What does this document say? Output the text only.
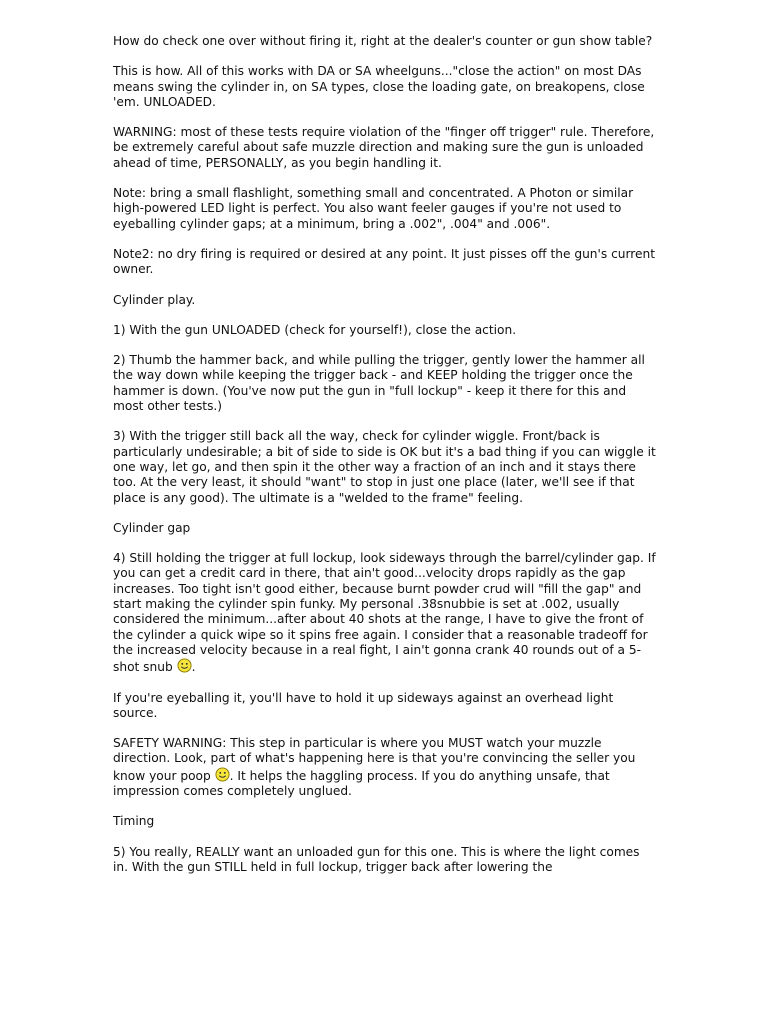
How do check one over without firing it, right at the dealer's counter or gun show table?

This is how. All of this works with DA or SA wheelguns..."close the action" on most DAs means swing the cylinder in, on SA types, close the loading gate, on breakopens, close 'em. UNLOADED.

WARNING: most of these tests require violation of the "finger off trigger" rule. Therefore, be extremely careful about safe muzzle direction and making sure the gun is unloaded ahead of time, PERSONALLY, as you begin handling it.

Note: bring a small flashlight, something small and concentrated. A Photon or similar high-powered LED light is perfect. You also want feeler gauges if you're not used to eyeballing cylinder gaps; at a minimum, bring a .002", .004" and .006".

Note2: no dry firing is required or desired at any point. It just pisses off the gun's current owner.

Cylinder play.

1) With the gun UNLOADED (check for yourself!), close the action.

2) Thumb the hammer back, and while pulling the trigger, gently lower the hammer all the way down while keeping the trigger back - and KEEP holding the trigger once the hammer is down. (You've now put the gun in "full lockup" - keep it there for this and most other tests.)

3) With the trigger still back all the way, check for cylinder wiggle. Front/back is particularly undesirable; a bit of side to side is OK but it's a bad thing if you can wiggle it one way, let go, and then spin it the other way a fraction of an inch and it stays there too. At the very least, it should "want" to stop in just one place (later, we'll see if that place is any good). The ultimate is a "welded to the frame" feeling.

Cylinder gap

4) Still holding the trigger at full lockup, look sideways through the barrel/cylinder gap. If you can get a credit card in there, that ain't good...velocity drops rapidly as the gap increases. Too tight isn't good either, because burnt powder crud will "fill the gap" and start making the cylinder spin funky. My personal .38snubbie is set at .002, usually considered the minimum...after about 40 shots at the range, I have to give the front of the cylinder a quick wipe so it spins free again. I consider that a reasonable tradeoff for the increased velocity because in a real fight, I ain't gonna crank 40 rounds out of a 5-shot snub .

If you're eyeballing it, you'll have to hold it up sideways against an overhead light source.

SAFETY WARNING: This step in particular is where you MUST watch your muzzle direction. Look, part of what's happening here is that you're convincing the seller you know your poop . It helps the haggling process. If you do anything unsafe, that impression comes completely unglued.

Timing

5) You really, REALLY want an unloaded gun for this one. This is where the light comes in. With the gun STILL held in full lockup, trigger back after lowering the
